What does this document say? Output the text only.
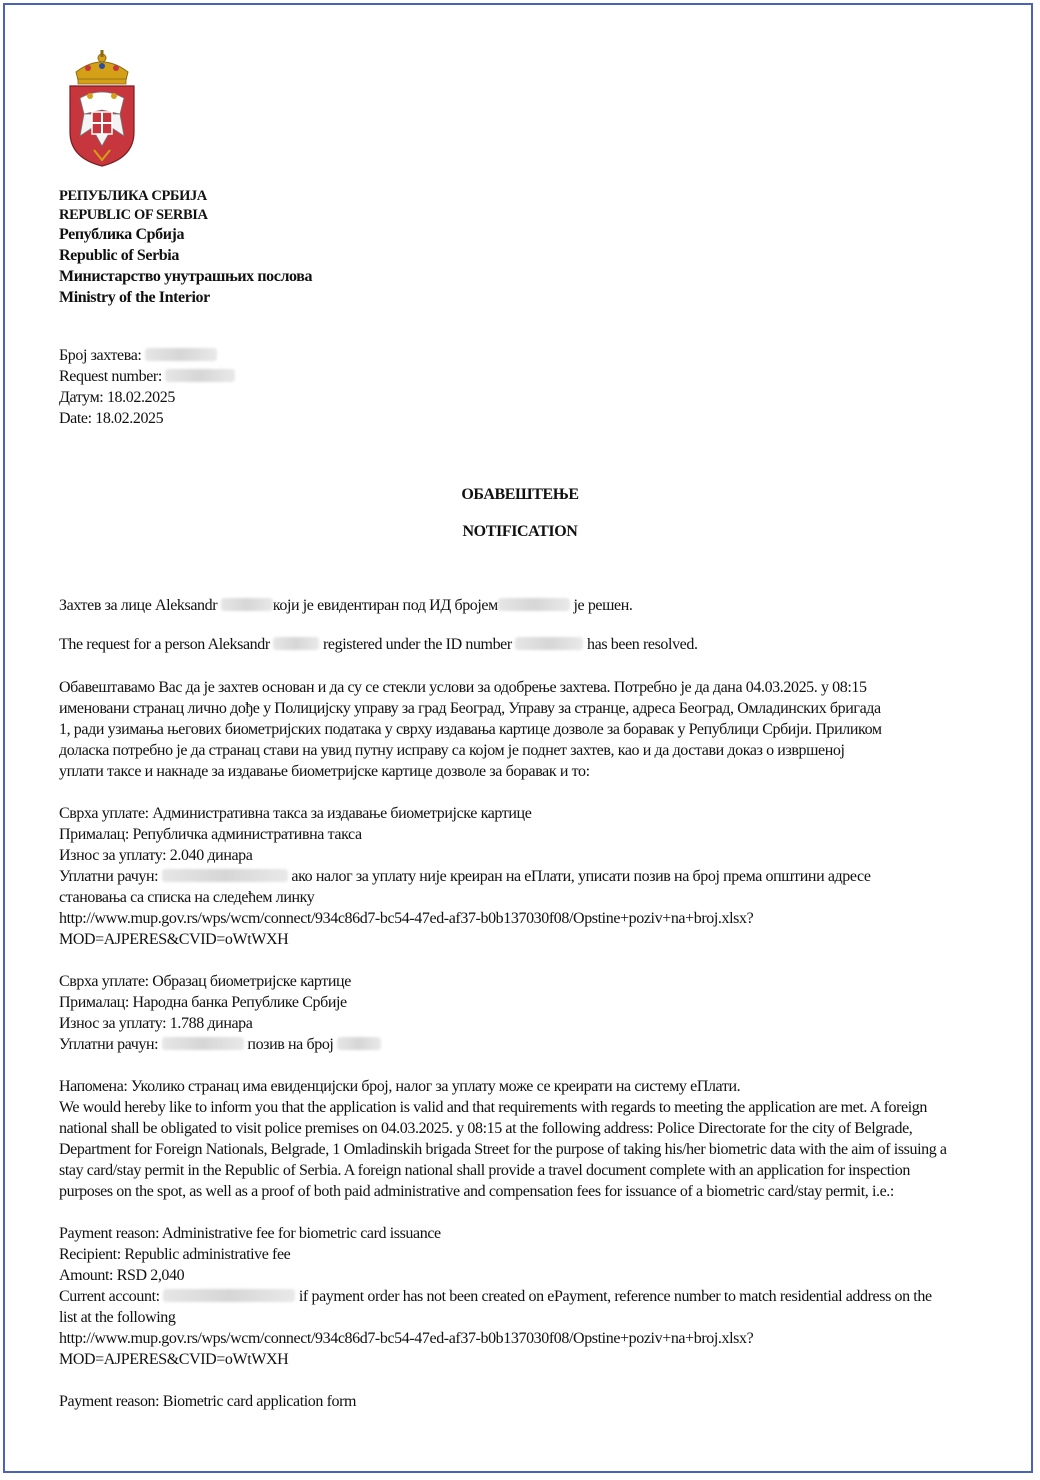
РЕПУБЛИКА СРБИЈА
REPUBLIC OF SERBIA
Република Србија
Republic of Serbia
Министарство унутрашњих послова
Ministry of the Interior
Број захтева:
Request number:
Датум: 18.02.2025
Date: 18.02.2025
ОБАВЕШТЕЊЕ
NOTIFICATION
Захтев за лице Aleksandr	који је евидентиран под ИД бројем	је решен.
The request for a person Aleksandr	registered under the ID number	has been resolved.
Обавештавамо Вас да је захтев основан и да су се стекли услови за одобрење захтева. Потребно је да дана 04.03.2025. у 08:15
именовани странац лично дође у Полицијску управу за град Београд, Управу за странце, адреса Београд, Омладинских бригада
1, ради узимања његових биометријских података у сврху издавања картице дозволе за боравак у Републици Србији. Приликом
доласка потребно је да странац стави на увид путну исправу са којом је поднет захтев, као и да достави доказ о извршеној
уплати таксе и накнаде за издавање биометријске картице дозволе за боравак и то:
Сврха уплате: Административна такса за издавање биометријске картице
Прималац: Републичка административна такса
Износ за уплату: 2.040 динара
Уплатни рачун:	ако налог за уплату није креиран на еПлати, уписати позив на број према општини адресе
становања са списка на следећем линку
http://www.mup.gov.rs/wps/wcm/connect/934c86d7-bc54-47ed-af37-b0b137030f08/Opstine+poziv+na+broj.xlsx?
MOD=AJPERES&CVID=oWtWXH
Сврха уплате: Образац биометријске картице
Прималац: Народна банка Републике Србије
Износ за уплату: 1.788 динара
Уплатни рачун:	позив на број
Напомена: Уколико странац има евиденцијски број, налог за уплату може се креирати на систему еПлати.
We would hereby like to inform you that the application is valid and that requirements with regards to meeting the application are met. A foreign
national shall be obligated to visit police premises on 04.03.2025. у 08:15 at the following address: Police Directorate for the city of Belgrade,
Department for Foreign Nationals, Belgrade, 1 Omladinskih brigada Street for the purpose of taking his/her biometric data with the aim of issuing a
stay card/stay permit in the Republic of Serbia. A foreign national shall provide a travel document complete with an application for inspection
purposes on the spot, as well as a proof of both paid administrative and compensation fees for issuance of a biometric card/stay permit, i.e.:
Payment reason: Administrative fee for biometric card issuance
Recipient: Republic administrative fee
Amount: RSD 2,040
Current account:	if payment order has not been created on ePayment, reference number to match residential address on the
list at the following
http://www.mup.gov.rs/wps/wcm/connect/934c86d7-bc54-47ed-af37-b0b137030f08/Opstine+poziv+na+broj.xlsx?
MOD=AJPERES&CVID=oWtWXH
Payment reason: Biometric card application form
